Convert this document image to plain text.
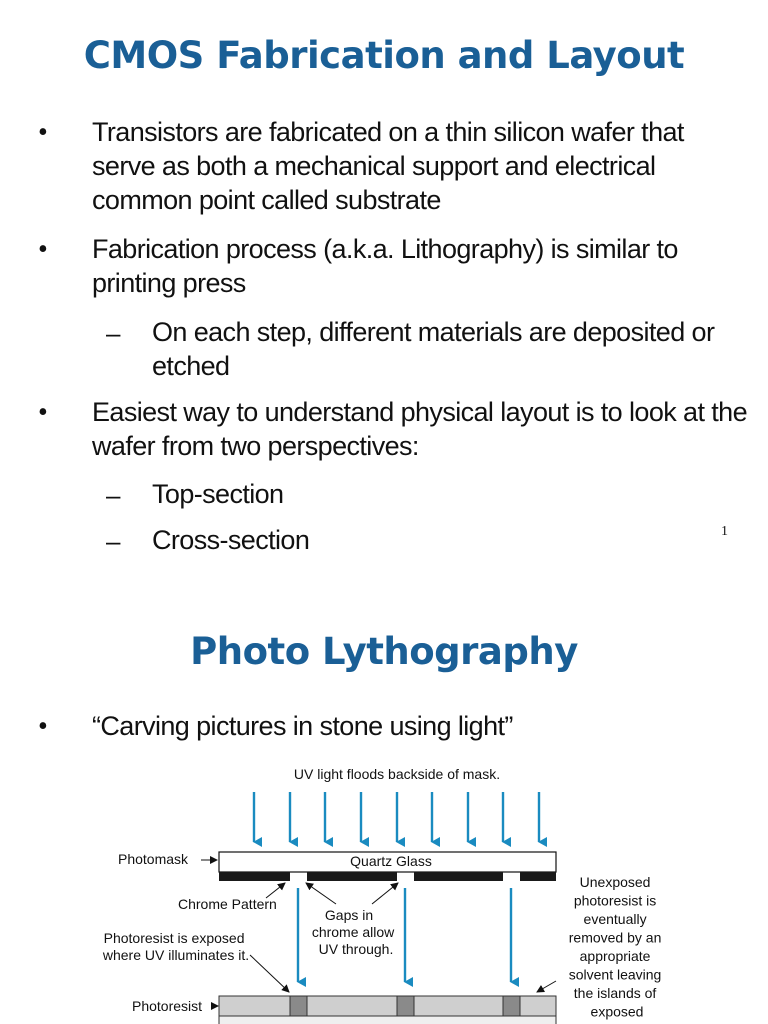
CMOS Fabrication and Layout
• Transistors are fabricated on a thin silicon wafer that serve as both a mechanical support and electrical common point called substrate
• Fabrication process (a.k.a. Lithography) is similar to printing press
– On each step, different materials are deposited or etched
• Easiest way to understand physical layout is to look at the wafer from two perspectives:
– Top-section
– Cross-section	1
Photo Lythography
• “Carving pictures in stone using light”
UV light floods backside of mask.
Quartz Glass
Photomask
Chrome Pattern
Gaps in chrome allow UV through.
Photoresist is exposed where UV illuminates it.
Unexposed photoresist is eventually removed by an appropriate solvent leaving the islands of exposed
Photoresist
